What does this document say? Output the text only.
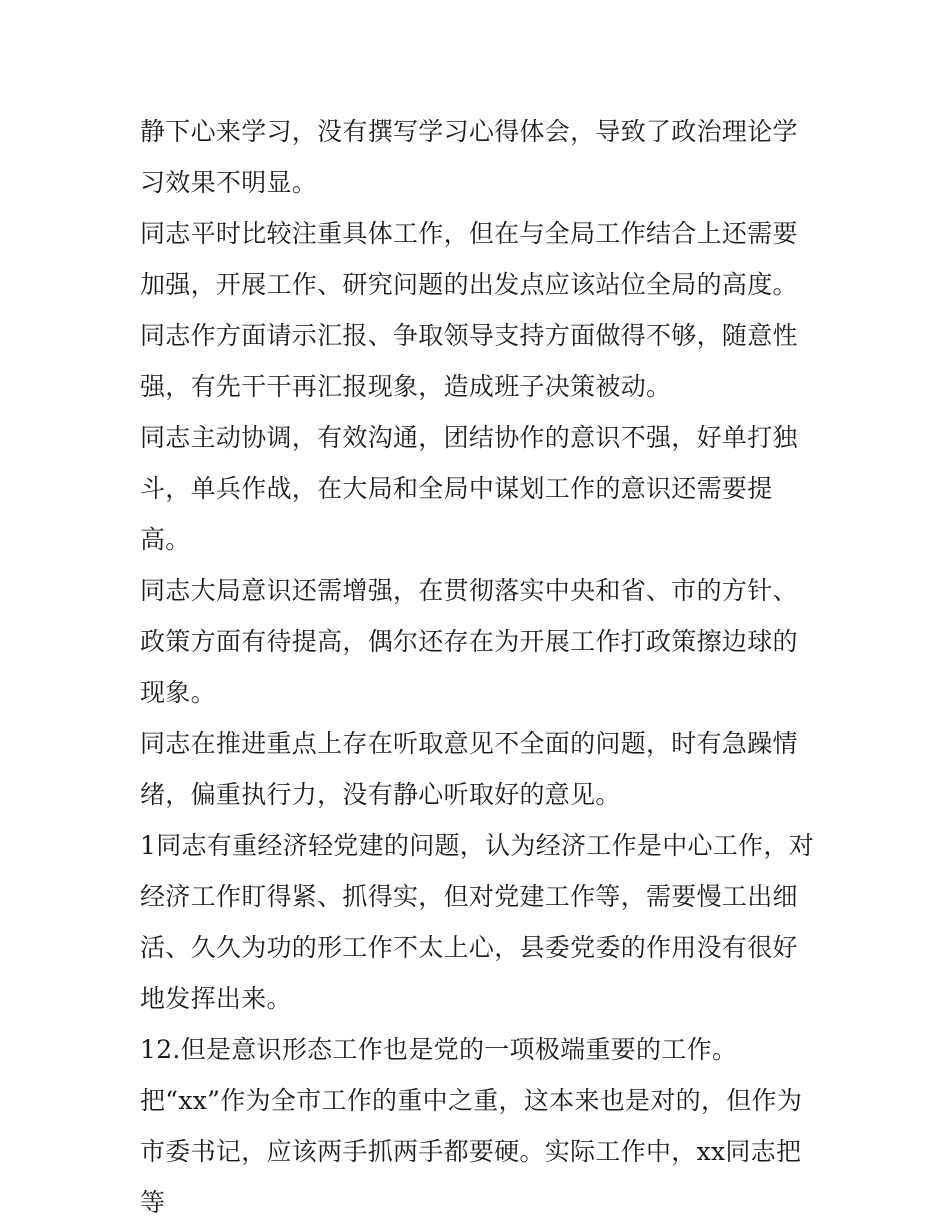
静下心来学习，没有撰写学习心得体会，导致了政治理论学习效果不明显。

同志平时比较注重具体工作，但在与全局工作结合上还需要加强，开展工作、研究问题的出发点应该站位全局的高度。

同志作方面请示汇报、争取领导支持方面做得不够，随意性强，有先干干再汇报现象，造成班子决策被动。

同志主动协调，有效沟通，团结协作的意识不强，好单打独斗，单兵作战，在大局和全局中谋划工作的意识还需要提高。

同志大局意识还需增强，在贯彻落实中央和省、市的方针、政策方面有待提高，偶尔还存在为开展工作打政策擦边球的现象。

同志在推进重点上存在听取意见不全面的问题，时有急躁情绪，偏重执行力，没有静心听取好的意见。

1同志有重经济轻党建的问题，认为经济工作是中心工作，对经济工作盯得紧、抓得实，但对党建工作等，需要慢工出细活、久久为功的形工作不太上心，县委党委的作用没有很好地发挥出来。

12.但是意识形态工作也是党的一项极端重要的工作。把“xx”作为全市工作的重中之重，这本来也是对的，但作为市委书记，应该两手抓两手都要硬。实际工作中，xx同志把等
